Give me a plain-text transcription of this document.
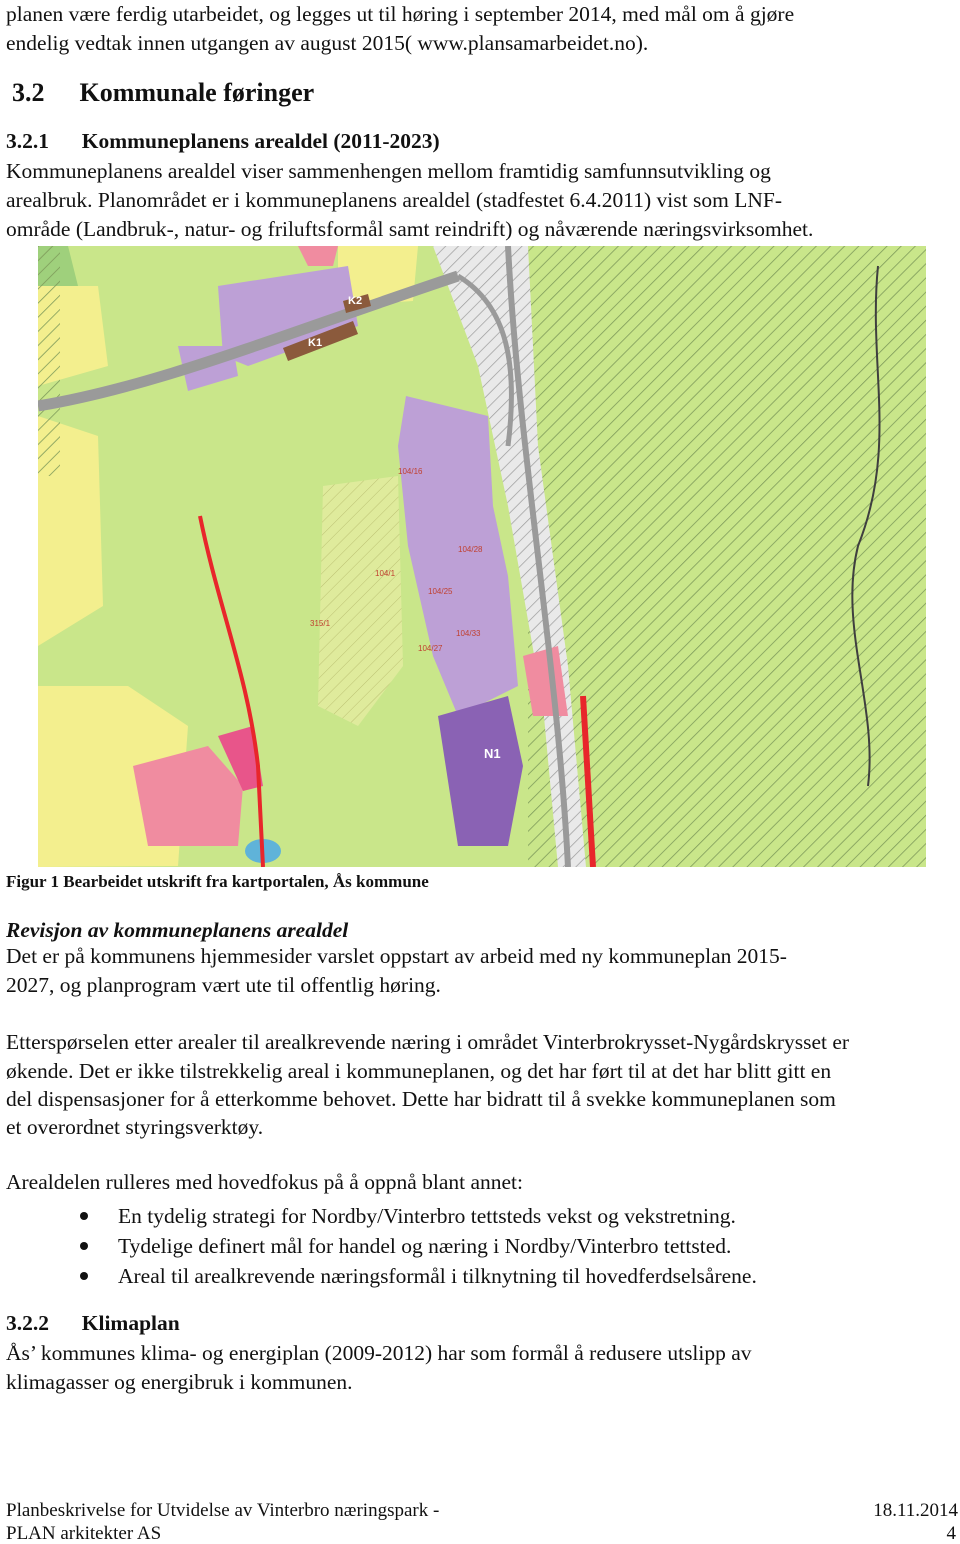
planen være ferdig utarbeidet, og legges ut til høring i september 2014, med mål om å gjøre
endelig vedtak innen utgangen av august 2015( www.plansamarbeidet.no).
3.2 Kommunale føringer
3.2.1 Kommuneplanens arealdel (2011-2023)
Kommuneplanens arealdel viser sammenhengen mellom framtidig samfunnsutvikling og
arealbruk. Planområdet er i kommuneplanens arealdel (stadfestet 6.4.2011) vist som LNF-
område (Landbruk-, natur- og friluftsformål samt reindrift) og nåværende næringsvirksomhet.
K2
K1
N1
104/16
104/28
104/1
104/25
315/1
104/33
104/27
Figur 1 Bearbeidet utskrift fra kartportalen, Ås kommune
Revisjon av kommuneplanens arealdel
Det er på kommunens hjemmesider varslet oppstart av arbeid med ny kommuneplan 2015-
2027, og planprogram vært ute til offentlig høring.
Etterspørselen etter arealer til arealkrevende næring i området Vinterbrokrysset-Nygårdskrysset er
økende. Det er ikke tilstrekkelig areal i kommuneplanen, og det har ført til at det har blitt gitt en
del dispensasjoner for å etterkomme behovet. Dette har bidratt til å svekke kommuneplanen som
et overordnet styringsverktøy.
Arealdelen rulleres med hovedfokus på å oppnå blant annet:
En tydelig strategi for Nordby/Vinterbro tettsteds vekst og vekstretning.
Tydelige definert mål for handel og næring i Nordby/Vinterbro tettsted.
Areal til arealkrevende næringsformål i tilknytning til hovedferdselsårene.
3.2.2 Klimaplan
Ås’ kommunes klima- og energiplan (2009-2012) har som formål å redusere utslipp av
klimagasser og energibruk i kommunen.
Planbeskrivelse for Utvidelse av Vinterbro næringspark -
PLAN arkitekter AS
18.11.2014
4
